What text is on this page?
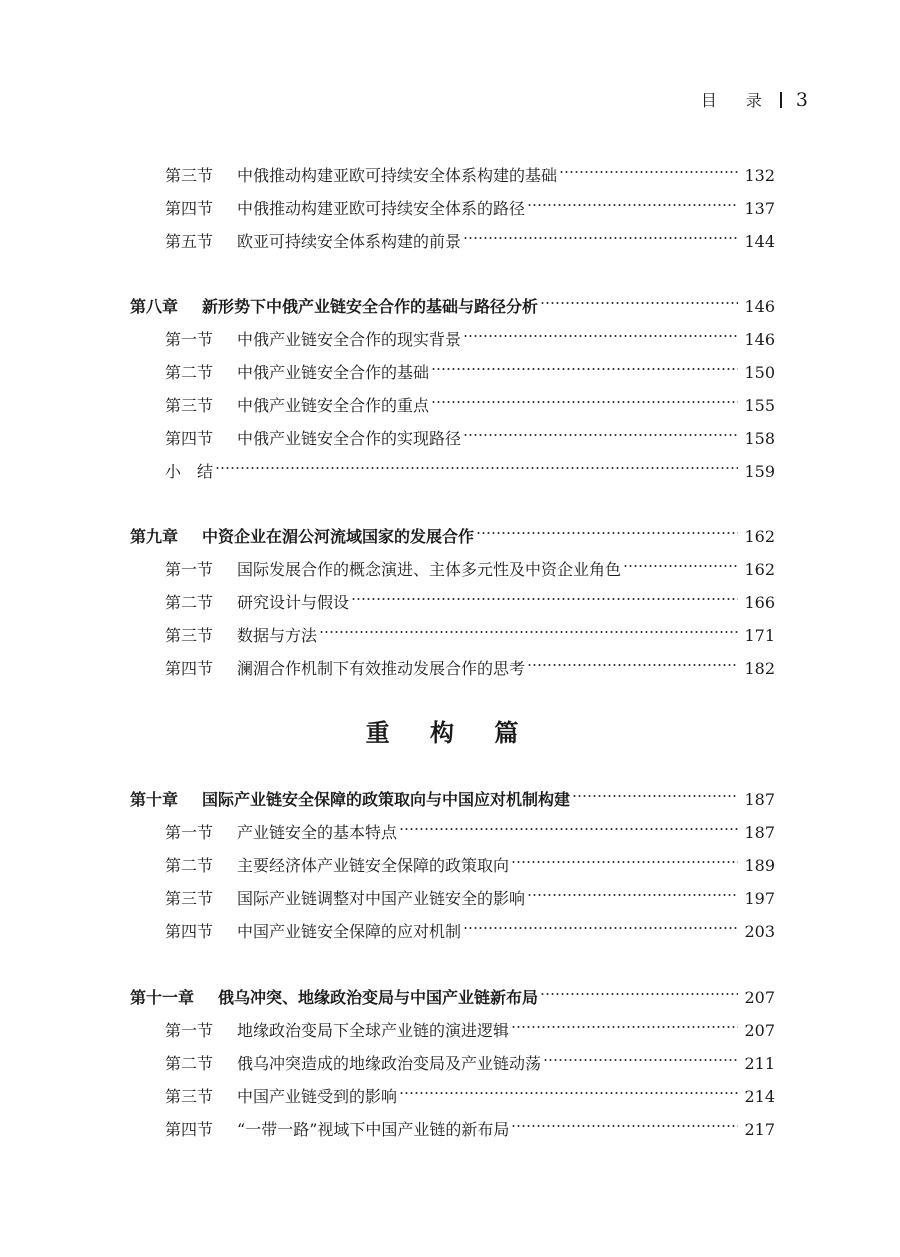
目 录 3
第三节 中俄推动构建亚欧可持续安全体系构建的基础	132
第四节 中俄推动构建亚欧可持续安全体系的路径	137
第五节 欧亚可持续安全体系构建的前景	144
第八章 新形势下中俄产业链安全合作的基础与路径分析	146
第一节 中俄产业链安全合作的现实背景	146
第二节 中俄产业链安全合作的基础	150
第三节 中俄产业链安全合作的重点	155
第四节 中俄产业链安全合作的实现路径	158
小　结	159
第九章 中资企业在湄公河流域国家的发展合作	162
第一节 国际发展合作的概念演进、主体多元性及中资企业角色	162
第二节 研究设计与假设	166
第三节 数据与方法	171
第四节 澜湄合作机制下有效推动发展合作的思考	182
重 构 篇
第十章 国际产业链安全保障的政策取向与中国应对机制构建	187
第一节 产业链安全的基本特点	187
第二节 主要经济体产业链安全保障的政策取向	189
第三节 国际产业链调整对中国产业链安全的影响	197
第四节 中国产业链安全保障的应对机制	203
第十一章 俄乌冲突、地缘政治变局与中国产业链新布局	207
第一节 地缘政治变局下全球产业链的演进逻辑	207
第二节 俄乌冲突造成的地缘政治变局及产业链动荡	211
第三节 中国产业链受到的影响	214
第四节 “一带一路”视域下中国产业链的新布局	217
